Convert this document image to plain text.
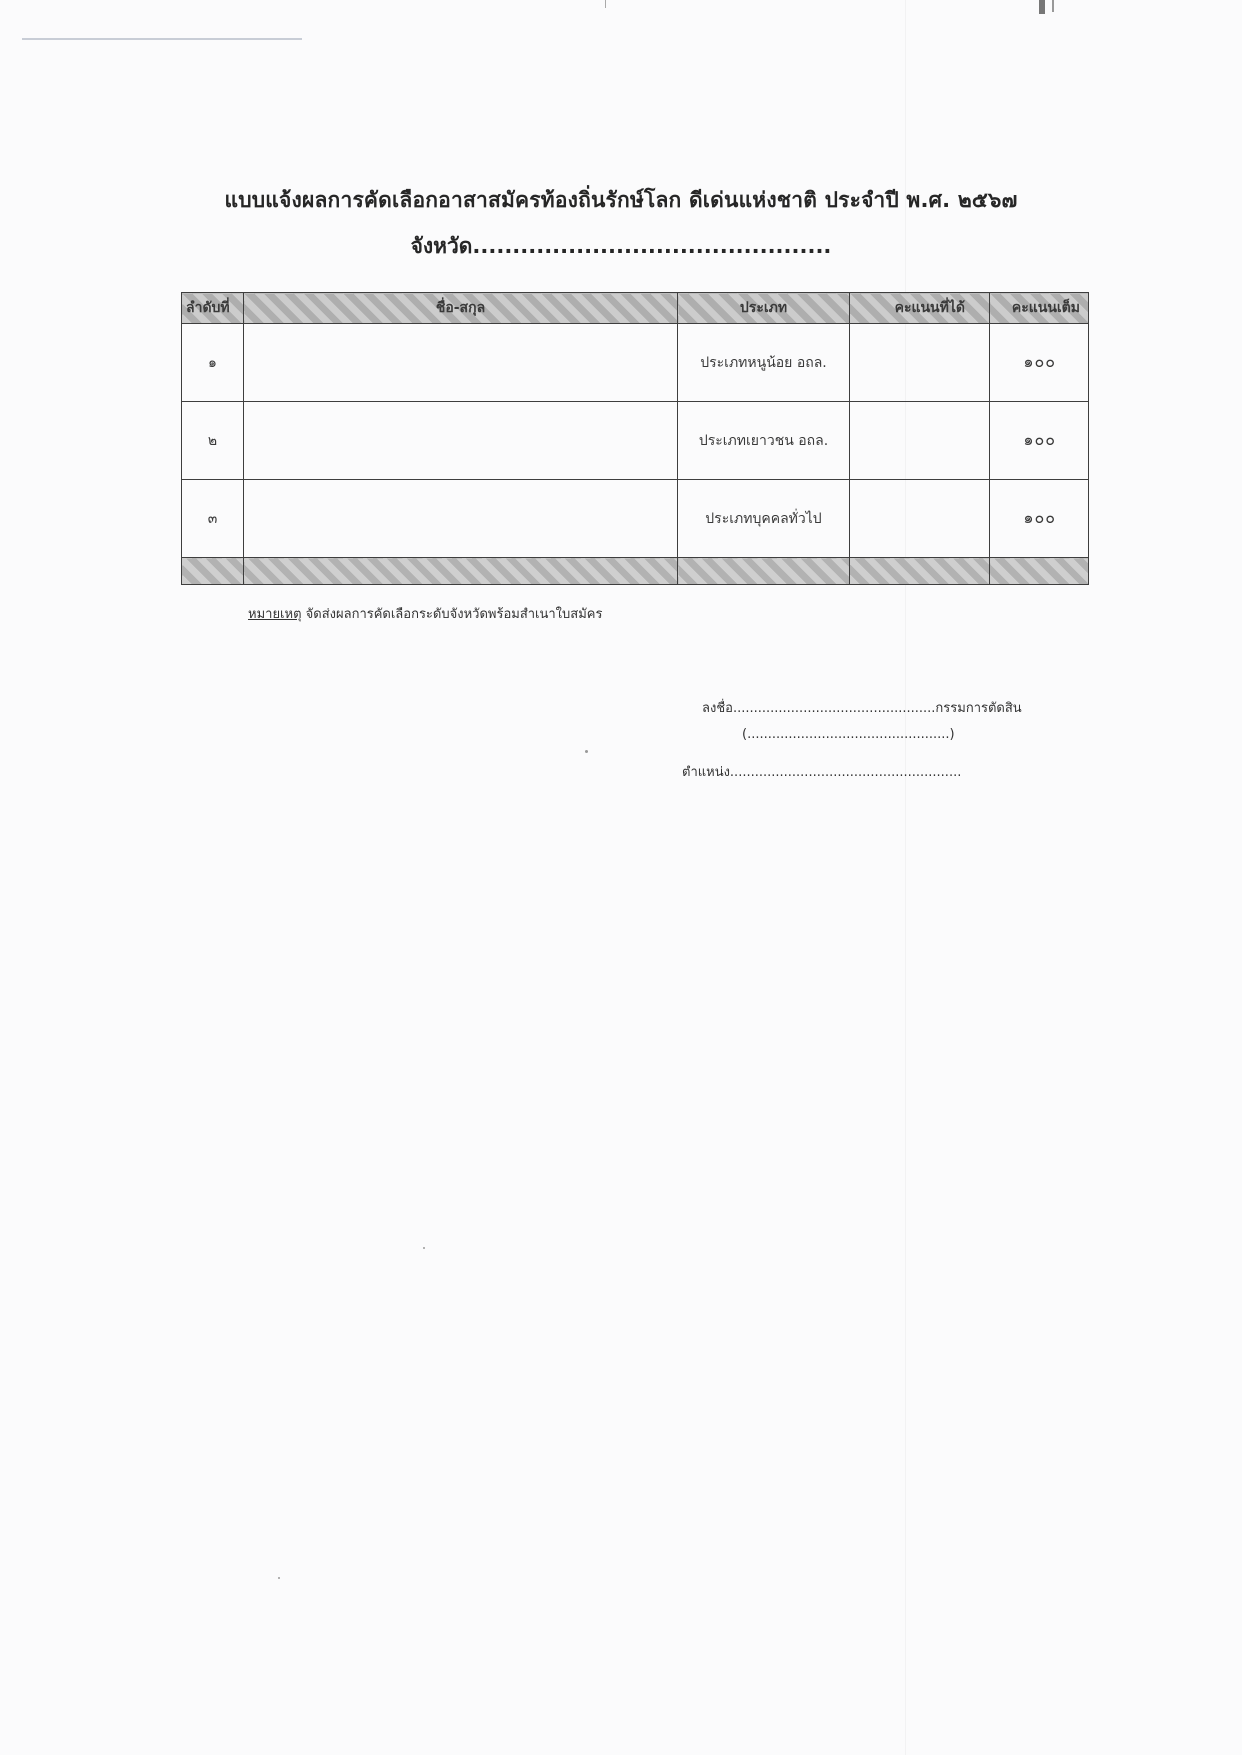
แบบแจ้งผลการคัดเลือกอาสาสมัครท้องถิ่นรักษ์โลก ดีเด่นแห่งชาติ ประจำปี พ.ศ. ๒๕๖๗
จังหวัด.............................................
ลำดับที่	ชื่อ-สกุล	ประเภท	คะแนนที่ได้	คะแนนเต็ม
๑		ประเภทหนูน้อย อถล.		๑๐๐
๒		ประเภทเยาวชน อถล.		๑๐๐
๓		ประเภทบุคคลทั่วไป		๑๐๐

หมายเหตุ จัดส่งผลการคัดเลือกระดับจังหวัดพร้อมสำเนาใบสมัคร
ลงชื่อ.................................................กรรมการตัดสิน
(.................................................)
ตำแหน่ง........................................................
